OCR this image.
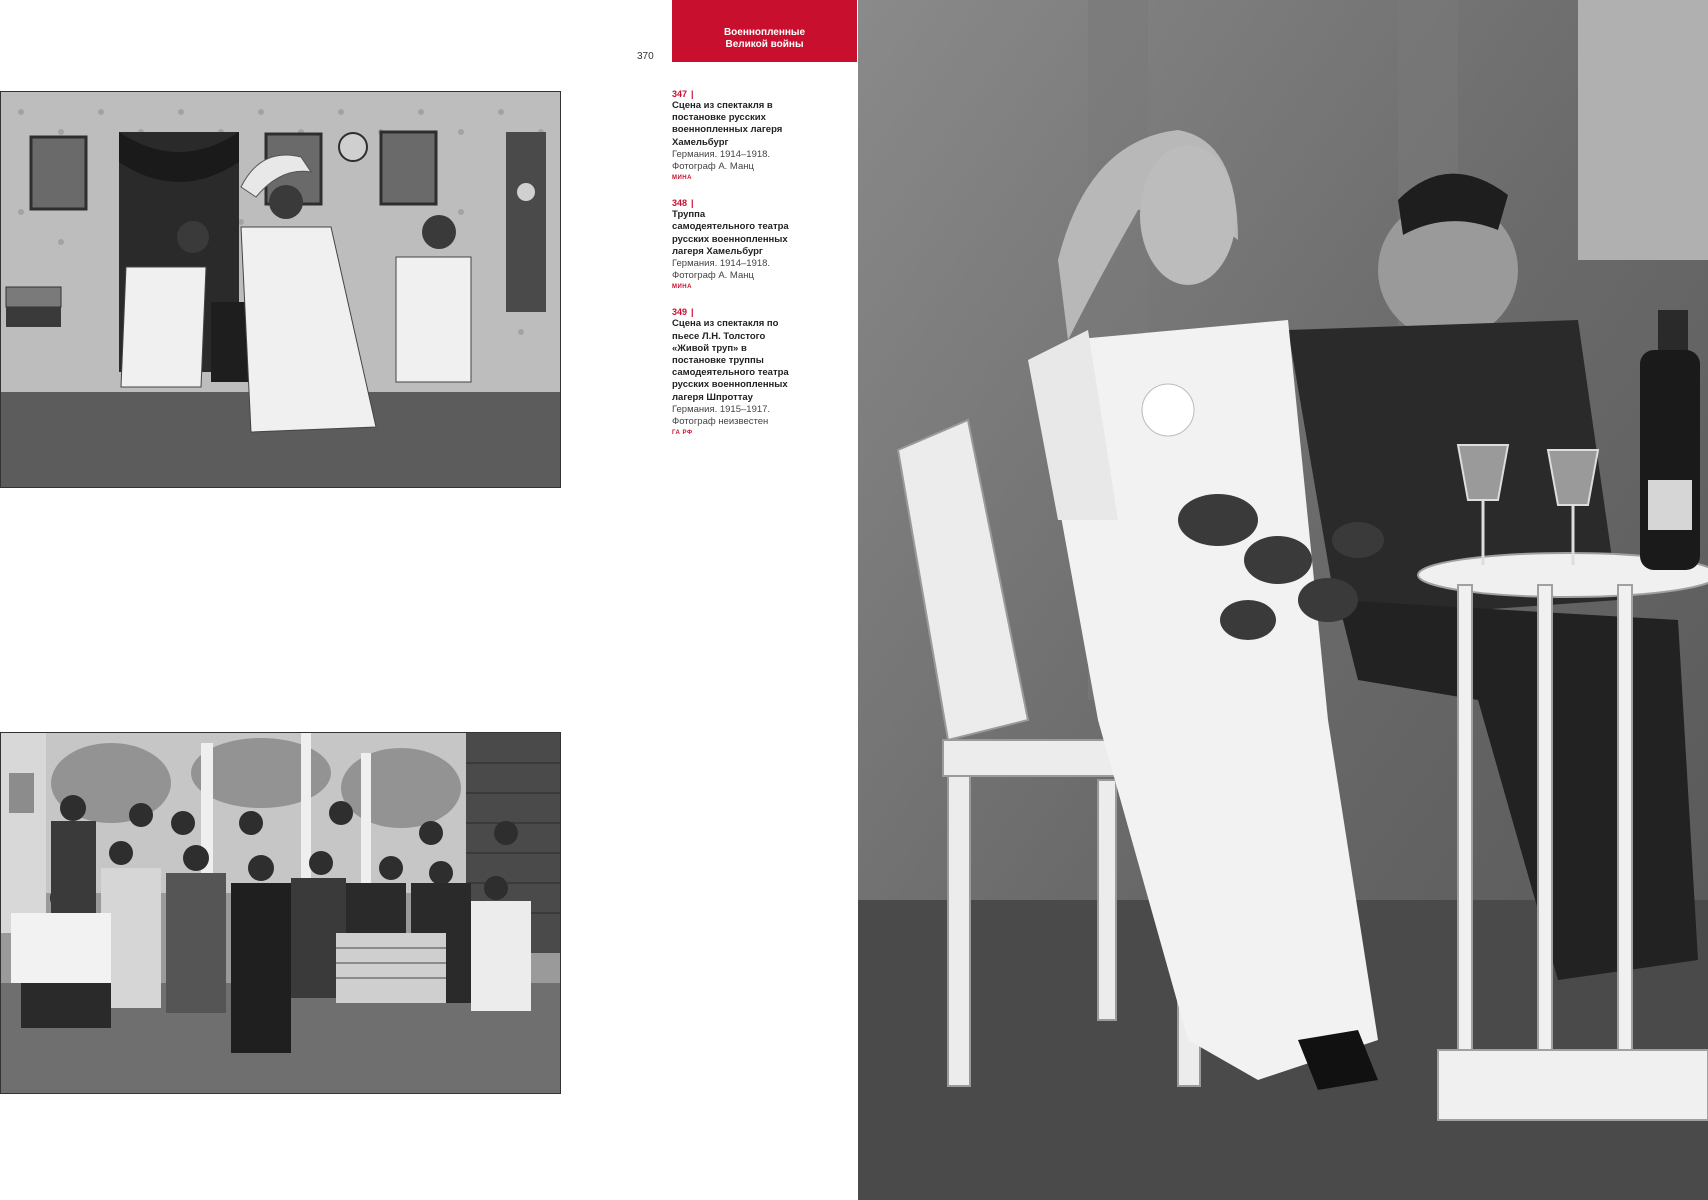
Военнопленные
Великой войны
370
347 |
Сцена из спектакля в постановке русских военнопленных лагеря Хамельбург
Германия. 1914–1918. Фотограф А. Манц
МИНА
348 |
Труппа самодеятельного театра русских военнопленных лагеря Хамельбург
Германия. 1914–1918. Фотограф А. Манц
МИНА
349 |
Сцена из спектакля по пьесе Л.Н. Толстого «Живой труп» в постановке труппы самодеятельного театра русских военнопленных лагеря Шпроттау
Германия. 1915–1917. Фотограф неизвестен
ГА РФ
